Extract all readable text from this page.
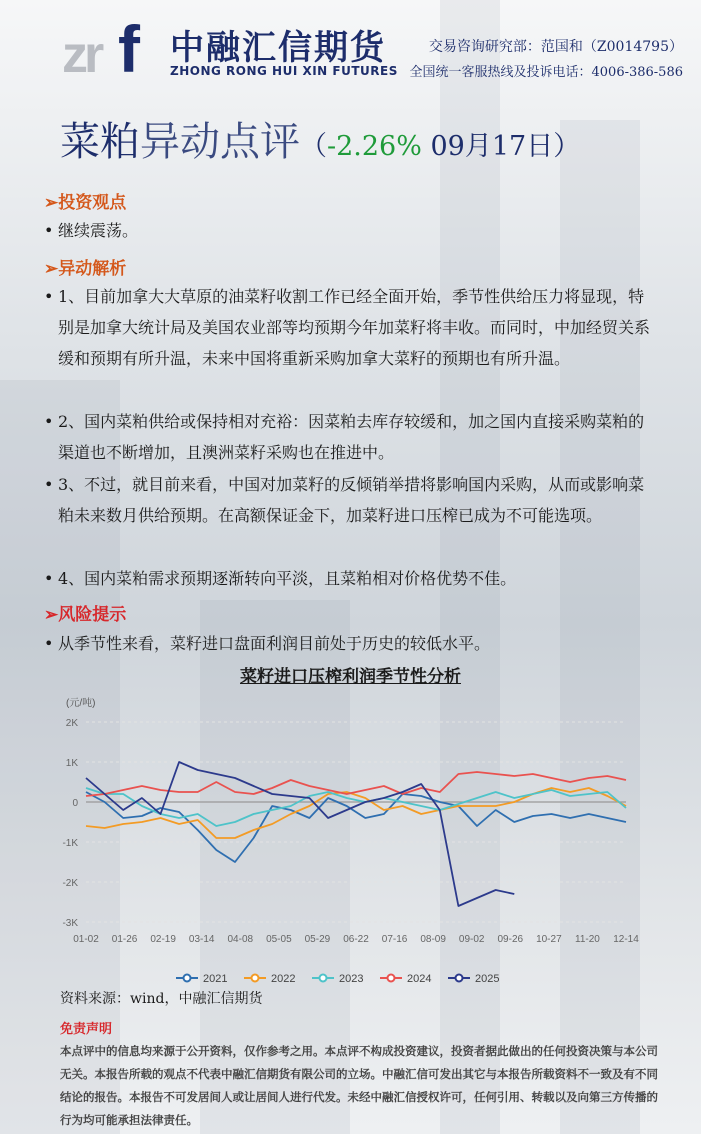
zr f 中融汇信期货
ZHONG RONG HUI XIN FUTURES
交易咨询研究部：范国和（Z0014795）
全国统一客服热线及投诉电话：4006-386-586
菜粕异动点评（-2.26% 09月17日）
➢投资观点
• 继续震荡。
➢异动解析
• 1、目前加拿大大草原的油菜籽收割工作已经全面开始，季节性供给压力将显现，特别是加拿大统计局及美国农业部等均预期今年加菜籽将丰收。而同时，中加经贸关系缓和预期有所升温，未来中国将重新采购加拿大菜籽的预期也有所升温。
• 2、国内菜粕供给或保持相对充裕：因菜粕去库存较缓和，加之国内直接采购菜粕的渠道也不断增加，且澳洲菜籽采购也在推进中。
• 3、不过，就目前来看，中国对加菜籽的反倾销举措将影响国内采购，从而或影响菜粕未来数月供给预期。在高额保证金下，加菜籽进口压榨已成为不可能选项。
• 4、国内菜粕需求预期逐渐转向平淡，且菜粕相对价格优势不佳。
➢风险提示
• 从季节性来看，菜籽进口盘面利润目前处于历史的较低水平。
菜籽进口压榨利润季节性分析
(元/吨)
2K
1K
0
-1K
-2K
-3K
01-02 01-26 02-19 03-14 04-08 05-05 05-29 06-22 07-16 08-09 09-02 09-26 10-27 11-20 12-14
2021	2022	2023	2024	2025
资料来源：wind，中融汇信期货
免责声明
本点评中的信息均来源于公开资料，仅作参考之用。本点评不构成投资建议，投资者据此做出的任何投资决策与本公司无关。本报告所载的观点不代表中融汇信期货有限公司的立场。中融汇信可发出其它与本报告所载资料不一致及有不同结论的报告。本报告不可发居间人或让居间人进行代发。未经中融汇信授权许可，任何引用、转载以及向第三方传播的行为均可能承担法律责任。
